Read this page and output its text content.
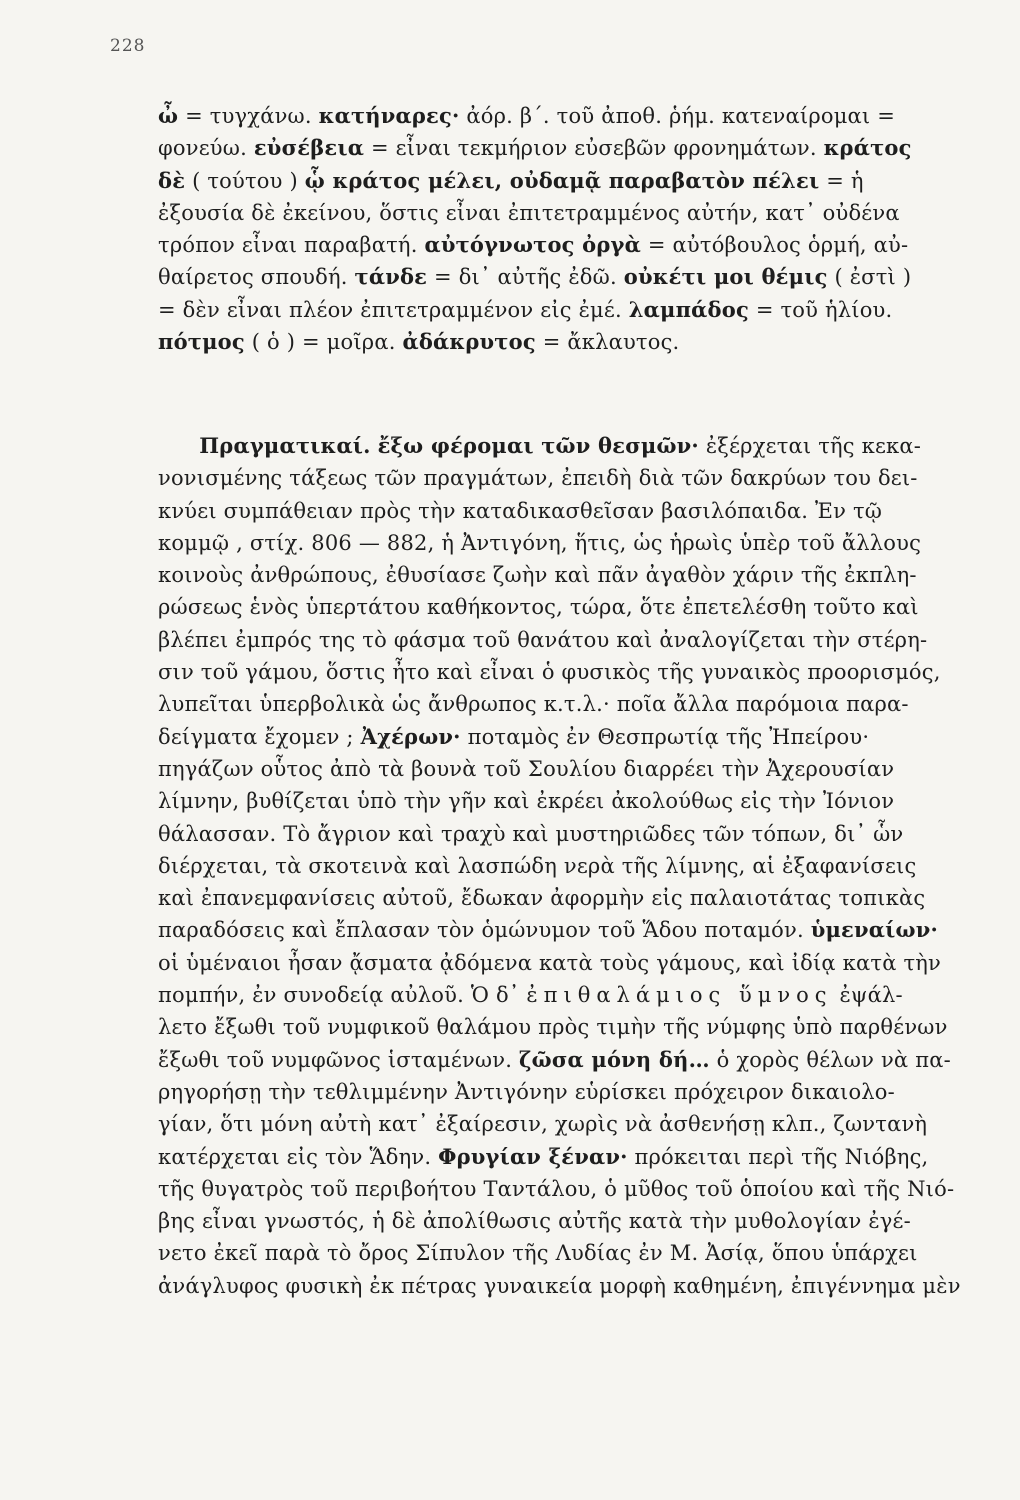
228
ὦ = τυγχάνω. κατήναρες· ἀόρ. β΄. τοῦ ἀποθ. ῥήμ. κατεναίρομαι =
φονεύω. εὐσέβεια = εἶναι τεκμήριον εὐσεβῶν φρονημάτων. κράτος
δὲ ( τούτου ) ᾧ κράτος μέλει, οὐδαμᾷ παραβατὸν πέλει = ἡ
ἐξουσία δὲ ἐκείνου, ὅστις εἶναι ἐπιτετραμμένος αὐτήν, κατ᾽ οὐδένα
τρόπον εἶναι παραβατή. αὐτόγνωτος ὀργὰ = αὐτόβουλος ὁρμή, αὐ-
θαίρετος σπουδή. τάνδε = δι᾽ αὐτῆς ἐδῶ. οὐκέτι μοι θέμις ( ἐστὶ )
= δὲν εἶναι πλέον ἐπιτετραμμένον εἰς ἐμέ. λαμπάδος = τοῦ ἡλίου.
πότμος ( ὁ ) = μοῖρα. ἀδάκρυτος = ἄκλαυτος.
Πραγματικαί. ἔξω φέρομαι τῶν θεσμῶν· ἐξέρχεται τῆς κεκα-
νονισμένης τάξεως τῶν πραγμάτων, ἐπειδὴ διὰ τῶν δακρύων του δει-
κνύει συμπάθειαν πρὸς τὴν καταδικασθεῖσαν βασιλόπαιδα. Ἐν τῷ
κομμῷ , στίχ. 806 — 882, ἡ Ἀντιγόνη, ἥτις, ὡς ἡρωὶς ὑπὲρ τοῦ ἄλλους
κοινοὺς ἀνθρώπους, ἐθυσίασε ζωὴν καὶ πᾶν ἀγαθὸν χάριν τῆς ἐκπλη-
ρώσεως ἑνὸς ὑπερτάτου καθήκοντος, τώρα, ὅτε ἐπετελέσθη τοῦτο καὶ
βλέπει ἐμπρός της τὸ φάσμα τοῦ θανάτου καὶ ἀναλογίζεται τὴν στέρη-
σιν τοῦ γάμου, ὅστις ἦτο καὶ εἶναι ὁ φυσικὸς τῆς γυναικὸς προορισμός,
λυπεῖται ὑπερβολικὰ ὡς ἄνθρωπος κ.τ.λ.· ποῖα ἄλλα παρόμοια παρα-
δείγματα ἔχομεν ; Ἀχέρων· ποταμὸς ἐν Θεσπρωτίᾳ τῆς Ἠπείρου·
πηγάζων οὗτος ἀπὸ τὰ βουνὰ τοῦ Σουλίου διαρρέει τὴν Ἀχερουσίαν
λίμνην, βυθίζεται ὑπὸ τὴν γῆν καὶ ἐκρέει ἀκολούθως εἰς τὴν Ἰόνιον
θάλασσαν. Τὸ ἄγριον καὶ τραχὺ καὶ μυστηριῶδες τῶν τόπων, δι᾽ ὧν
διέρχεται, τὰ σκοτεινὰ καὶ λασπώδη νερὰ τῆς λίμνης, αἱ ἐξαφανίσεις
καὶ ἐπανεμφανίσεις αὐτοῦ, ἔδωκαν ἀφορμὴν εἰς παλαιοτάτας τοπικὰς
παραδόσεις καὶ ἔπλασαν τὸν ὁμώνυμον τοῦ Ἅδου ποταμόν. ὑμεναίων·
οἱ ὑμέναιοι ἦσαν ᾄσματα ᾀδόμενα κατὰ τοὺς γάμους, καὶ ἰδίᾳ κατὰ τὴν
πομπήν, ἐν συνοδείᾳ αὐλοῦ. Ὁ δ᾽ ἐπιθαλάμιος ὕμνος ἐψάλ-
λετο ἔξωθι τοῦ νυμφικοῦ θαλάμου πρὸς τιμὴν τῆς νύμφης ὑπὸ παρθένων
ἔξωθι τοῦ νυμφῶνος ἱσταμένων. ζῶσα μόνη δή… ὁ χορὸς θέλων νὰ πα-
ρηγορήσῃ τὴν τεθλιμμένην Ἀντιγόνην εὑρίσκει πρόχειρον δικαιολο-
γίαν, ὅτι μόνη αὐτὴ κατ᾽ ἐξαίρεσιν, χωρὶς νὰ ἀσθενήσῃ κλπ., ζωντανὴ
κατέρχεται εἰς τὸν Ἅδην. Φρυγίαν ξέναν· πρόκειται περὶ τῆς Νιόβης,
τῆς θυγατρὸς τοῦ περιβοήτου Ταντάλου, ὁ μῦθος τοῦ ὁποίου καὶ τῆς Νιό-
βης εἶναι γνωστός, ἡ δὲ ἀπολίθωσις αὐτῆς κατὰ τὴν μυθολογίαν ἐγέ-
νετο ἐκεῖ παρὰ τὸ ὄρος Σίπυλον τῆς Λυδίας ἐν Μ. Ἀσίᾳ, ὅπου ὑπάρχει
ἀνάγλυφος φυσικὴ ἐκ πέτρας γυναικεία μορφὴ καθημένη, ἐπιγέννημα μὲν
